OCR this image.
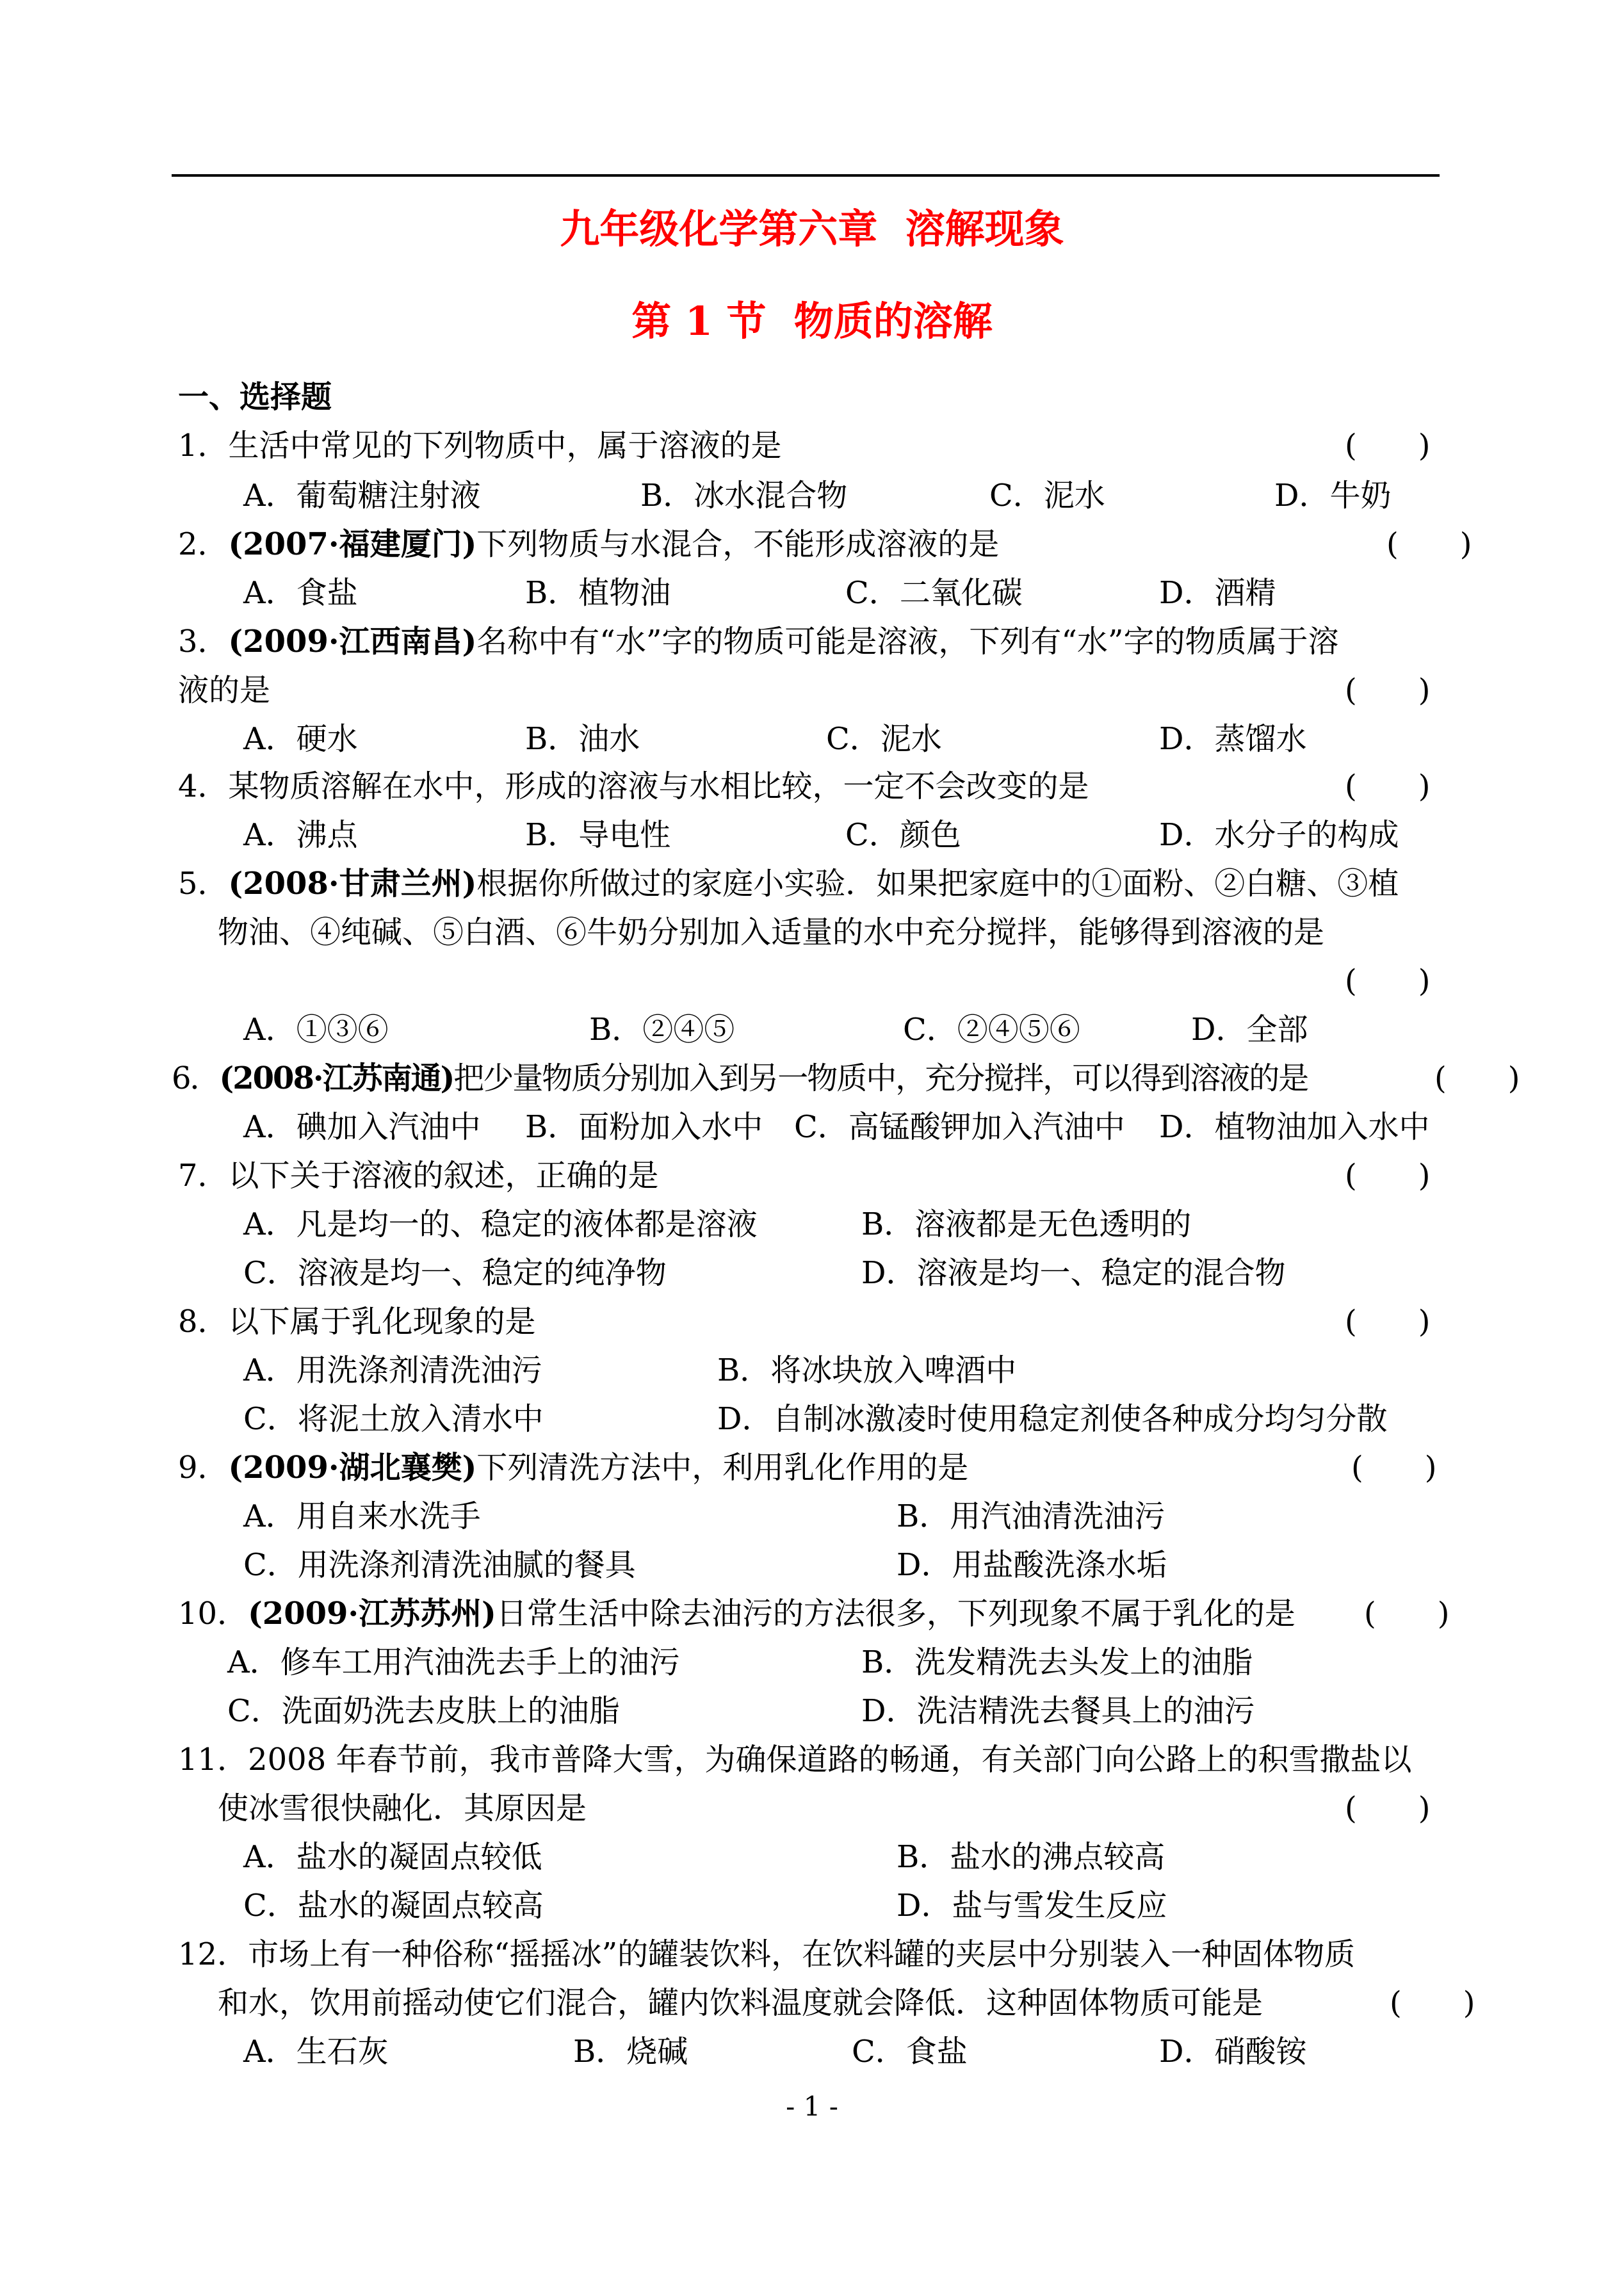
九年级化学第六章  溶解现象
第 1 节  物质的溶解
一、选择题
1．生活中常见的下列物质中，属于溶液的是	(　　)
A．葡萄糖注射液	B．冰水混合物	C．泥水	D．牛奶
2．(2007·福建厦门)下列物质与水混合，不能形成溶液的是	(　　)
A．食盐	B．植物油	C．二氧化碳	D．酒精
3．(2009·江西南昌)名称中有“水”字的物质可能是溶液，下列有“水”字的物质属于溶
液的是	(　　)
A．硬水	B．油水	C．泥水	D．蒸馏水
4．某物质溶解在水中，形成的溶液与水相比较，一定不会改变的是	(　　)
A．沸点	B．导电性	C．颜色	D．水分子的构成
5．(2008·甘肃兰州)根据你所做过的家庭小实验．如果把家庭中的①面粉、②白糖、③植
物油、④纯碱、⑤白酒、⑥牛奶分别加入适量的水中充分搅拌，能够得到溶液的是
(　　)
A．①③⑥	B．②④⑤	C．②④⑤⑥	D．全部
6．(2008·江苏南通)把少量物质分别加入到另一物质中，充分搅拌，可以得到溶液的是	(　　)
A．碘加入汽油中 B．面粉加入水中 C．高锰酸钾加入汽油中 D．植物油加入水中
7．以下关于溶液的叙述，正确的是	(　　)
A．凡是均一的、稳定的液体都是溶液	B．溶液都是无色透明的
C．溶液是均一、稳定的纯净物	D．溶液是均一、稳定的混合物
8．以下属于乳化现象的是	(　　)
A．用洗涤剂清洗油污	B．将冰块放入啤酒中
C．将泥土放入清水中	D．自制冰激凌时使用稳定剂使各种成分均匀分散
9．(2009·湖北襄樊)下列清洗方法中，利用乳化作用的是	(　　)
A．用自来水洗手	B．用汽油清洗油污
C．用洗涤剂清洗油腻的餐具	D．用盐酸洗涤水垢
10．(2009·江苏苏州)日常生活中除去油污的方法很多，下列现象不属于乳化的是 (　　)
A．修车工用汽油洗去手上的油污	B．洗发精洗去头发上的油脂
C．洗面奶洗去皮肤上的油脂	D．洗洁精洗去餐具上的油污
11．2008 年春节前，我市普降大雪，为确保道路的畅通，有关部门向公路上的积雪撒盐以
使冰雪很快融化．其原因是	(　　)
A．盐水的凝固点较低	B．盐水的沸点较高
C．盐水的凝固点较高	D．盐与雪发生反应
12．市场上有一种俗称“摇摇冰”的罐装饮料，在饮料罐的夹层中分别装入一种固体物质
和水，饮用前摇动使它们混合，罐内饮料温度就会降低．这种固体物质可能是	(　　)
A．生石灰	B．烧碱	C．食盐	D．硝酸铵
- 1 -
